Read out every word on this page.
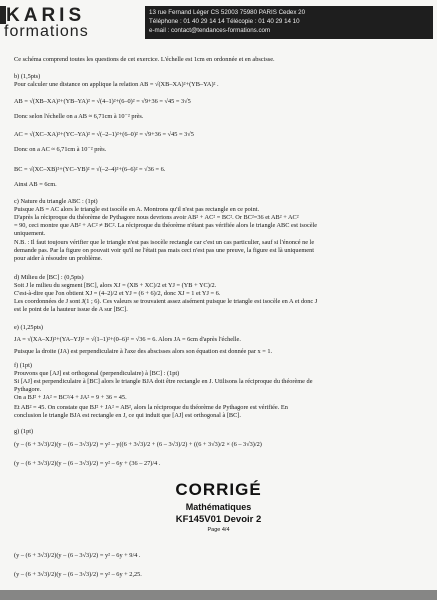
KARIS
formations
13 rue Fernand Léger CS 52003 75980 PARIS Cedex 20
Téléphone : 01 40 29 14 14 Télécopie : 01 40 29 14 10
e-mail : contact@tendances-formations.com
Ce schéma comprend toutes les questions de cet exercice. L'échelle est 1cm en ordonnée et en abscisse.
b) (1,5pts)
Pour calculer une distance on applique la relation AB = √(XB–XA)²+(YB–YA)² .
AB = √(XB–XA)²+(YB–YA)² = √(4–1)²+(6–0)² = √9+36 = √45 = 3√5
Donc selon l'échelle on a AB ≈ 6,71cm à 10⁻² près.
AC = √(XC–XA)²+(YC–YA)² = √(–2–1)²+(6–0)² = √9+36 = √45 = 3√5
Donc on a AC ≈ 6,71cm à 10⁻² près.
BC = √(XC–XB)²+(YC–YB)² = √(–2–4)²+(6–6)² = √36 = 6.
Ainsi AB = 6cm.
c) Nature du triangle ABC : (1pt)
Puisque AB = AC alors le triangle est isocèle en A. Montrons qu'il n'est pas rectangle en ce point.
D'après la réciproque du théorème de Pythagore nous devrions avoir AB² + AC² = BC². Or BC²=36 et AB² + AC²
= 90, ceci montre que AB² + AC² ≠ BC². La réciproque du théorème n'étant pas vérifiée alors le triangle ABC est isocèle
uniquement.
N.B. : Il faut toujours vérifier que le triangle n'est pas isocèle rectangle car c'est un cas particulier, sauf si l'énoncé ne le
demande pas. Par la figure on pouvait voir qu'il ne l'était pas mais ceci n'est pas une preuve, la figure est là uniquement
pour aider à résoudre un problème.
d) Milieu de [BC] : (0,5pts)
Soit J le milieu du segment [BC], alors XJ = (XB + XC)/2 et YJ = (YB + YC)/2.
C'est-à-dire que l'on obtient XJ = (4–2)/2 et YJ = (6 + 6)/2, donc XJ = 1 et YJ = 6.
Les coordonnées de J sont J(1 ; 6). Ces valeurs se trouvaient assez aisément puisque le triangle est isocèle en A et donc J
est le point de la hauteur issue de A sur [BC].
e) (1,25pts)
JA = √(XA–XJ)²+(YA–YJ)² = √(1–1)²+(0–6)² = √36 = 6. Alors JA = 6cm d'après l'échelle.
Puisque la droite (JA) est perpendiculaire à l'axe des abscisses alors son équation est donnée par x = 1.
f) (1pt)
Prouvons que [AJ] est orthogonal (perpendiculaire) à [BC] : (1pt)
Si [AJ] est perpendiculaire à [BC] alors le triangle BJA doit être rectangle en J. Utilisons la réciproque du théorème de
Pythagore.
On a BJ² + JA² = BC²/4 + JA² = 9 + 36 = 45.
Et AB² = 45. On constate que BJ² + JA² = AB², alors la réciproque du théorème de Pythagore est vérifiée. En
conclusion le triangle BJA est rectangle en J, ce qui induit que [AJ] est orthogonal à [BC].
g) (1pt)
(y – (6 + 3√3)/2)(y – (6 – 3√3)/2) = y² – y((6 + 3√3)/2 + (6 – 3√3)/2) + ((6 + 3√3)/2 × (6 – 3√3)/2)
(y – (6 + 3√3)/2)(y – (6 – 3√3)/2) = y² – 6y + (36 – 27)/4 .
CORRIGÉ
Mathématiques
KF145V01 Devoir 2
Page 4/4
(y – (6 + 3√3)/2)(y – (6 – 3√3)/2) = y² – 6y + 9/4 .
(y – (6 + 3√3)/2)(y – (6 – 3√3)/2) = y² – 6y + 2,25.
